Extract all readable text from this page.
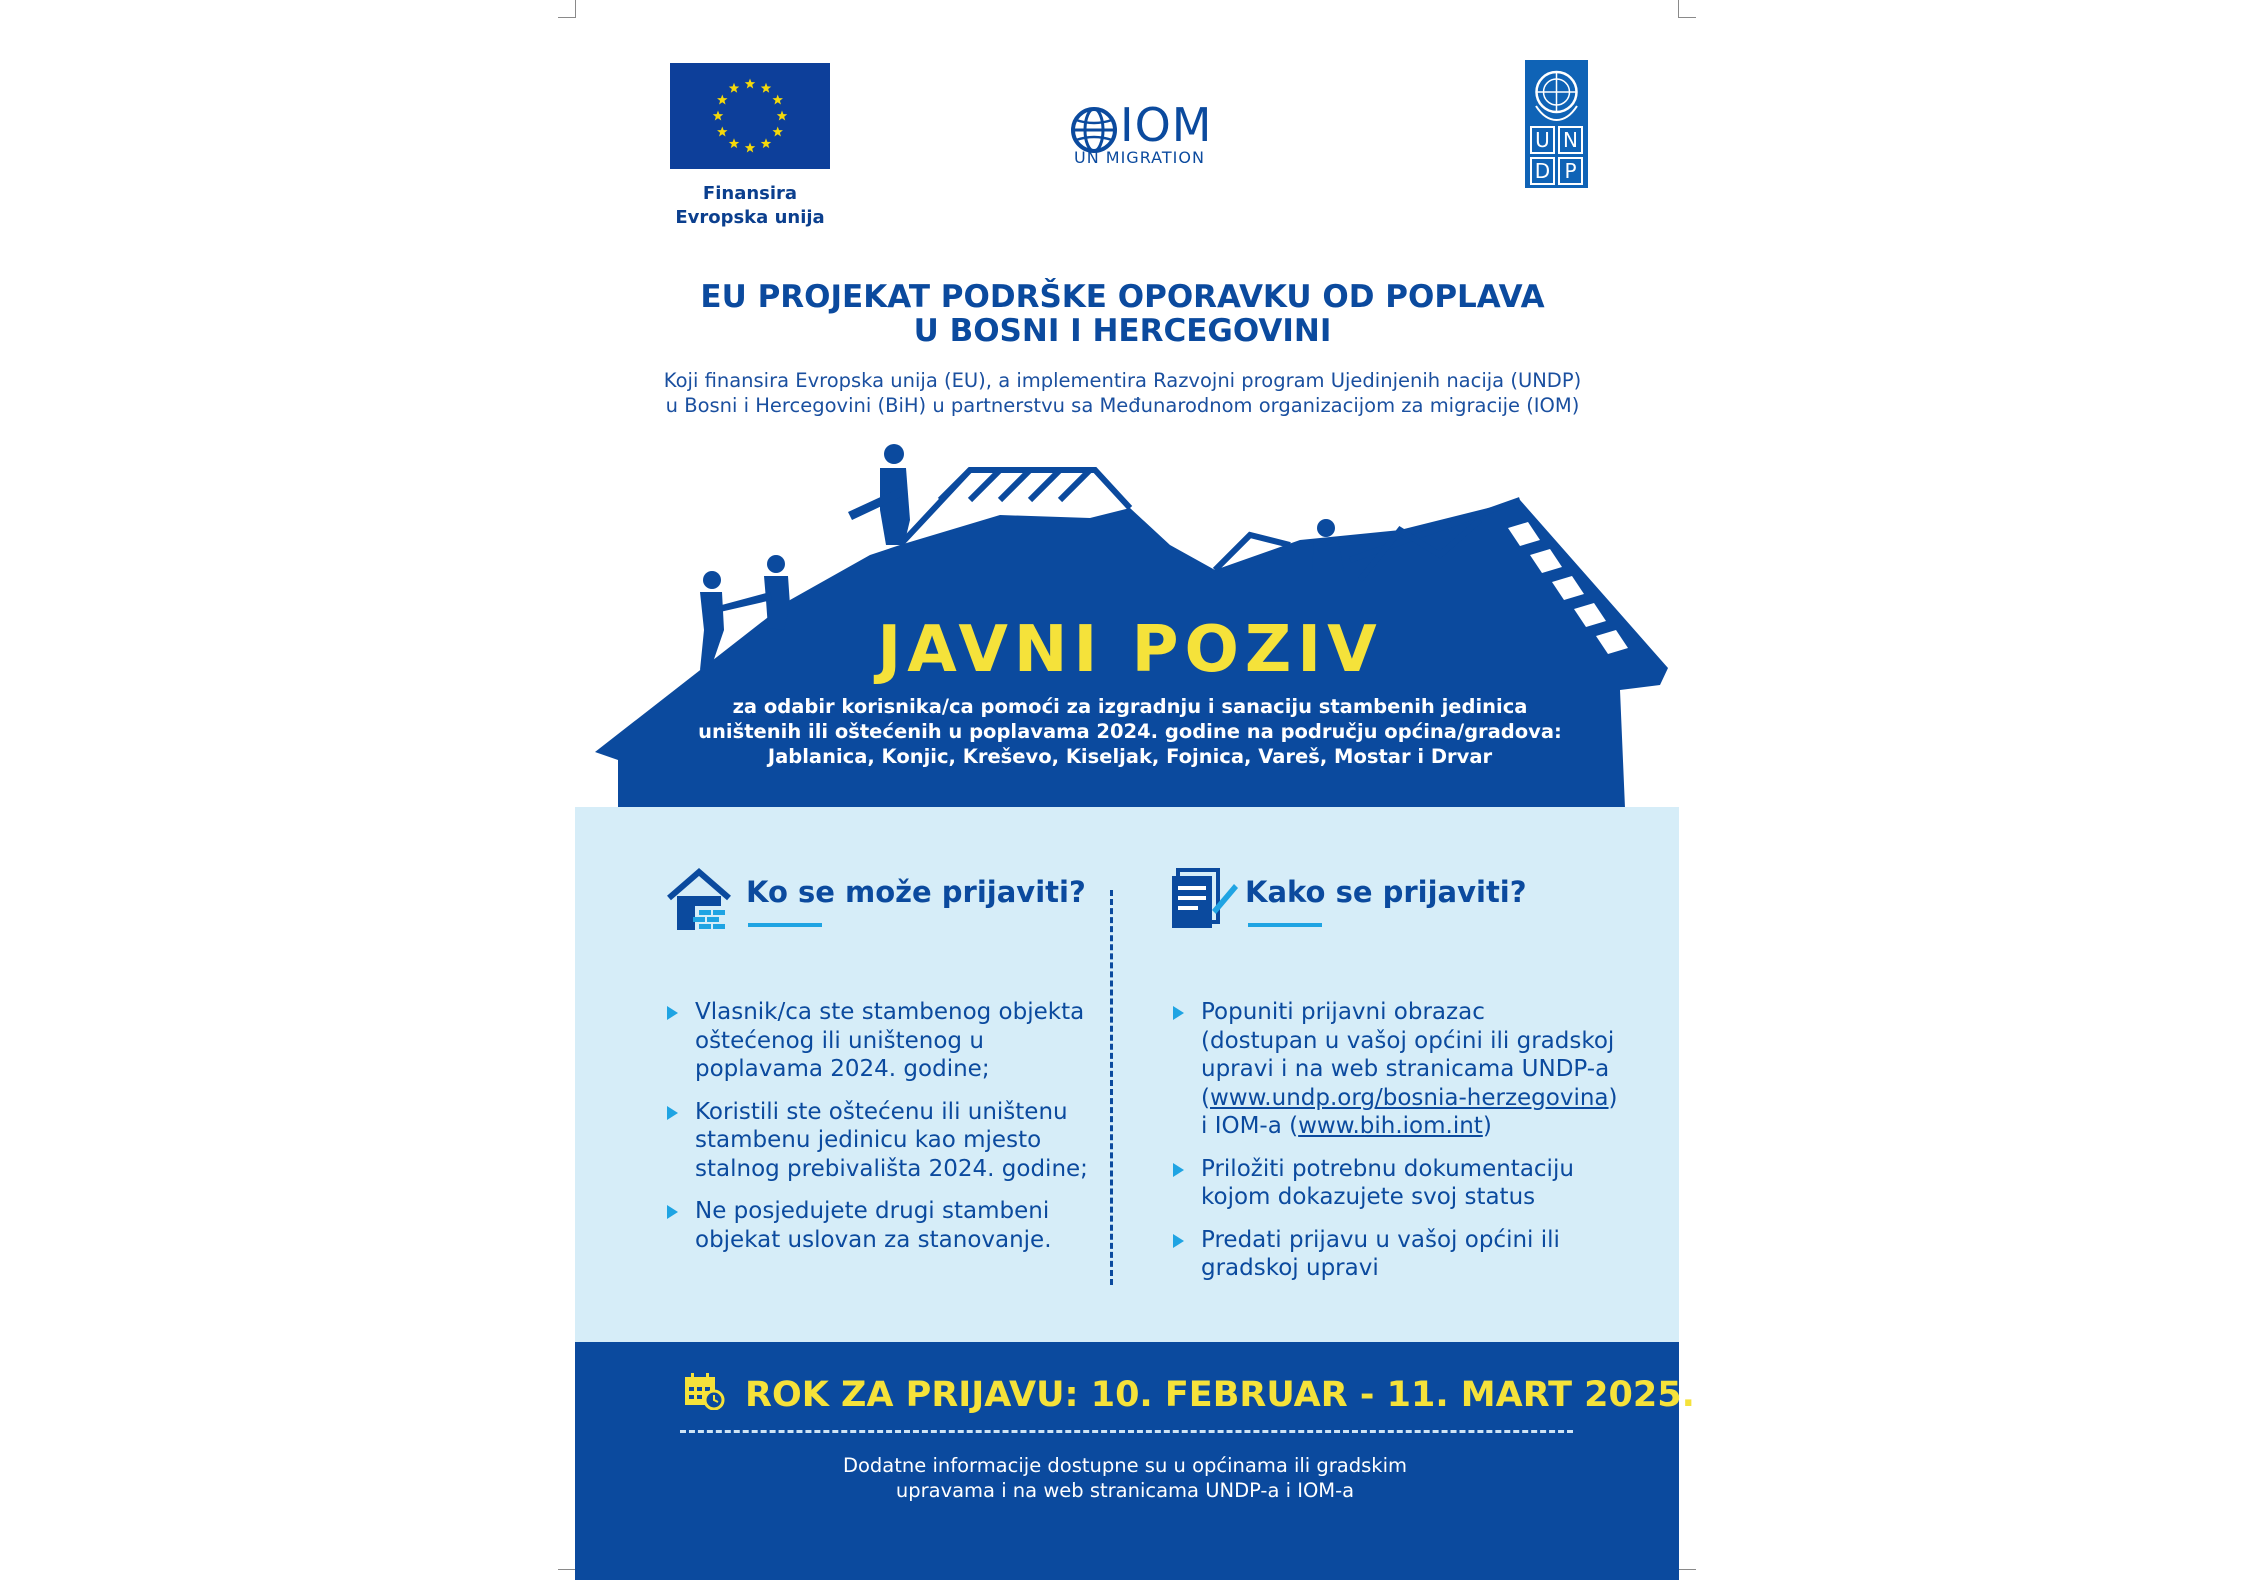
Finansira
Evropska unija
IOM
UN MIGRATION
U N
D P
EU PROJEKAT PODRŠKE OPORAVKU OD POPLAVA
U BOSNI I HERCEGOVINI
Koji finansira Evropska unija (EU), a implementira Razvojni program Ujedinjenih nacija (UNDP)
u Bosni i Hercegovini (BiH) u partnerstvu sa Međunarodnom organizacijom za migracije (IOM)
JAVNI POZIV
za odabir korisnika/ca pomoći za izgradnju i sanaciju stambenih jedinica
uništenih ili oštećenih u poplavama 2024. godine na području općina/gradova:
Jablanica, Konjic, Kreševo, Kiseljak, Fojnica, Vareš, Mostar i Drvar
Ko se može prijaviti?	Kako se prijaviti?
Vlasnik/ca ste stambenog objekta
oštećenog ili uništenog u
poplavama 2024. godine;
Koristili ste oštećenu ili uništenu
stambenu jedinicu kao mjesto
stalnog prebivališta 2024. godine;
Ne posjedujete drugi stambeni
objekat uslovan za stanovanje.
Popuniti prijavni obrazac
(dostupan u vašoj općini ili gradskoj
upravi i na web stranicama UNDP-a
(www.undp.org/bosnia-herzegovina)
i IOM-a (www.bih.iom.int)
Priložiti potrebnu dokumentaciju
kojom dokazujete svoj status
Predati prijavu u vašoj općini ili
gradskoj upravi
ROK ZA PRIJAVU: 10. FEBRUAR - 11. MART 2025.
Dodatne informacije dostupne su u općinama ili gradskim
upravama i na web stranicama UNDP-a i IOM-a
